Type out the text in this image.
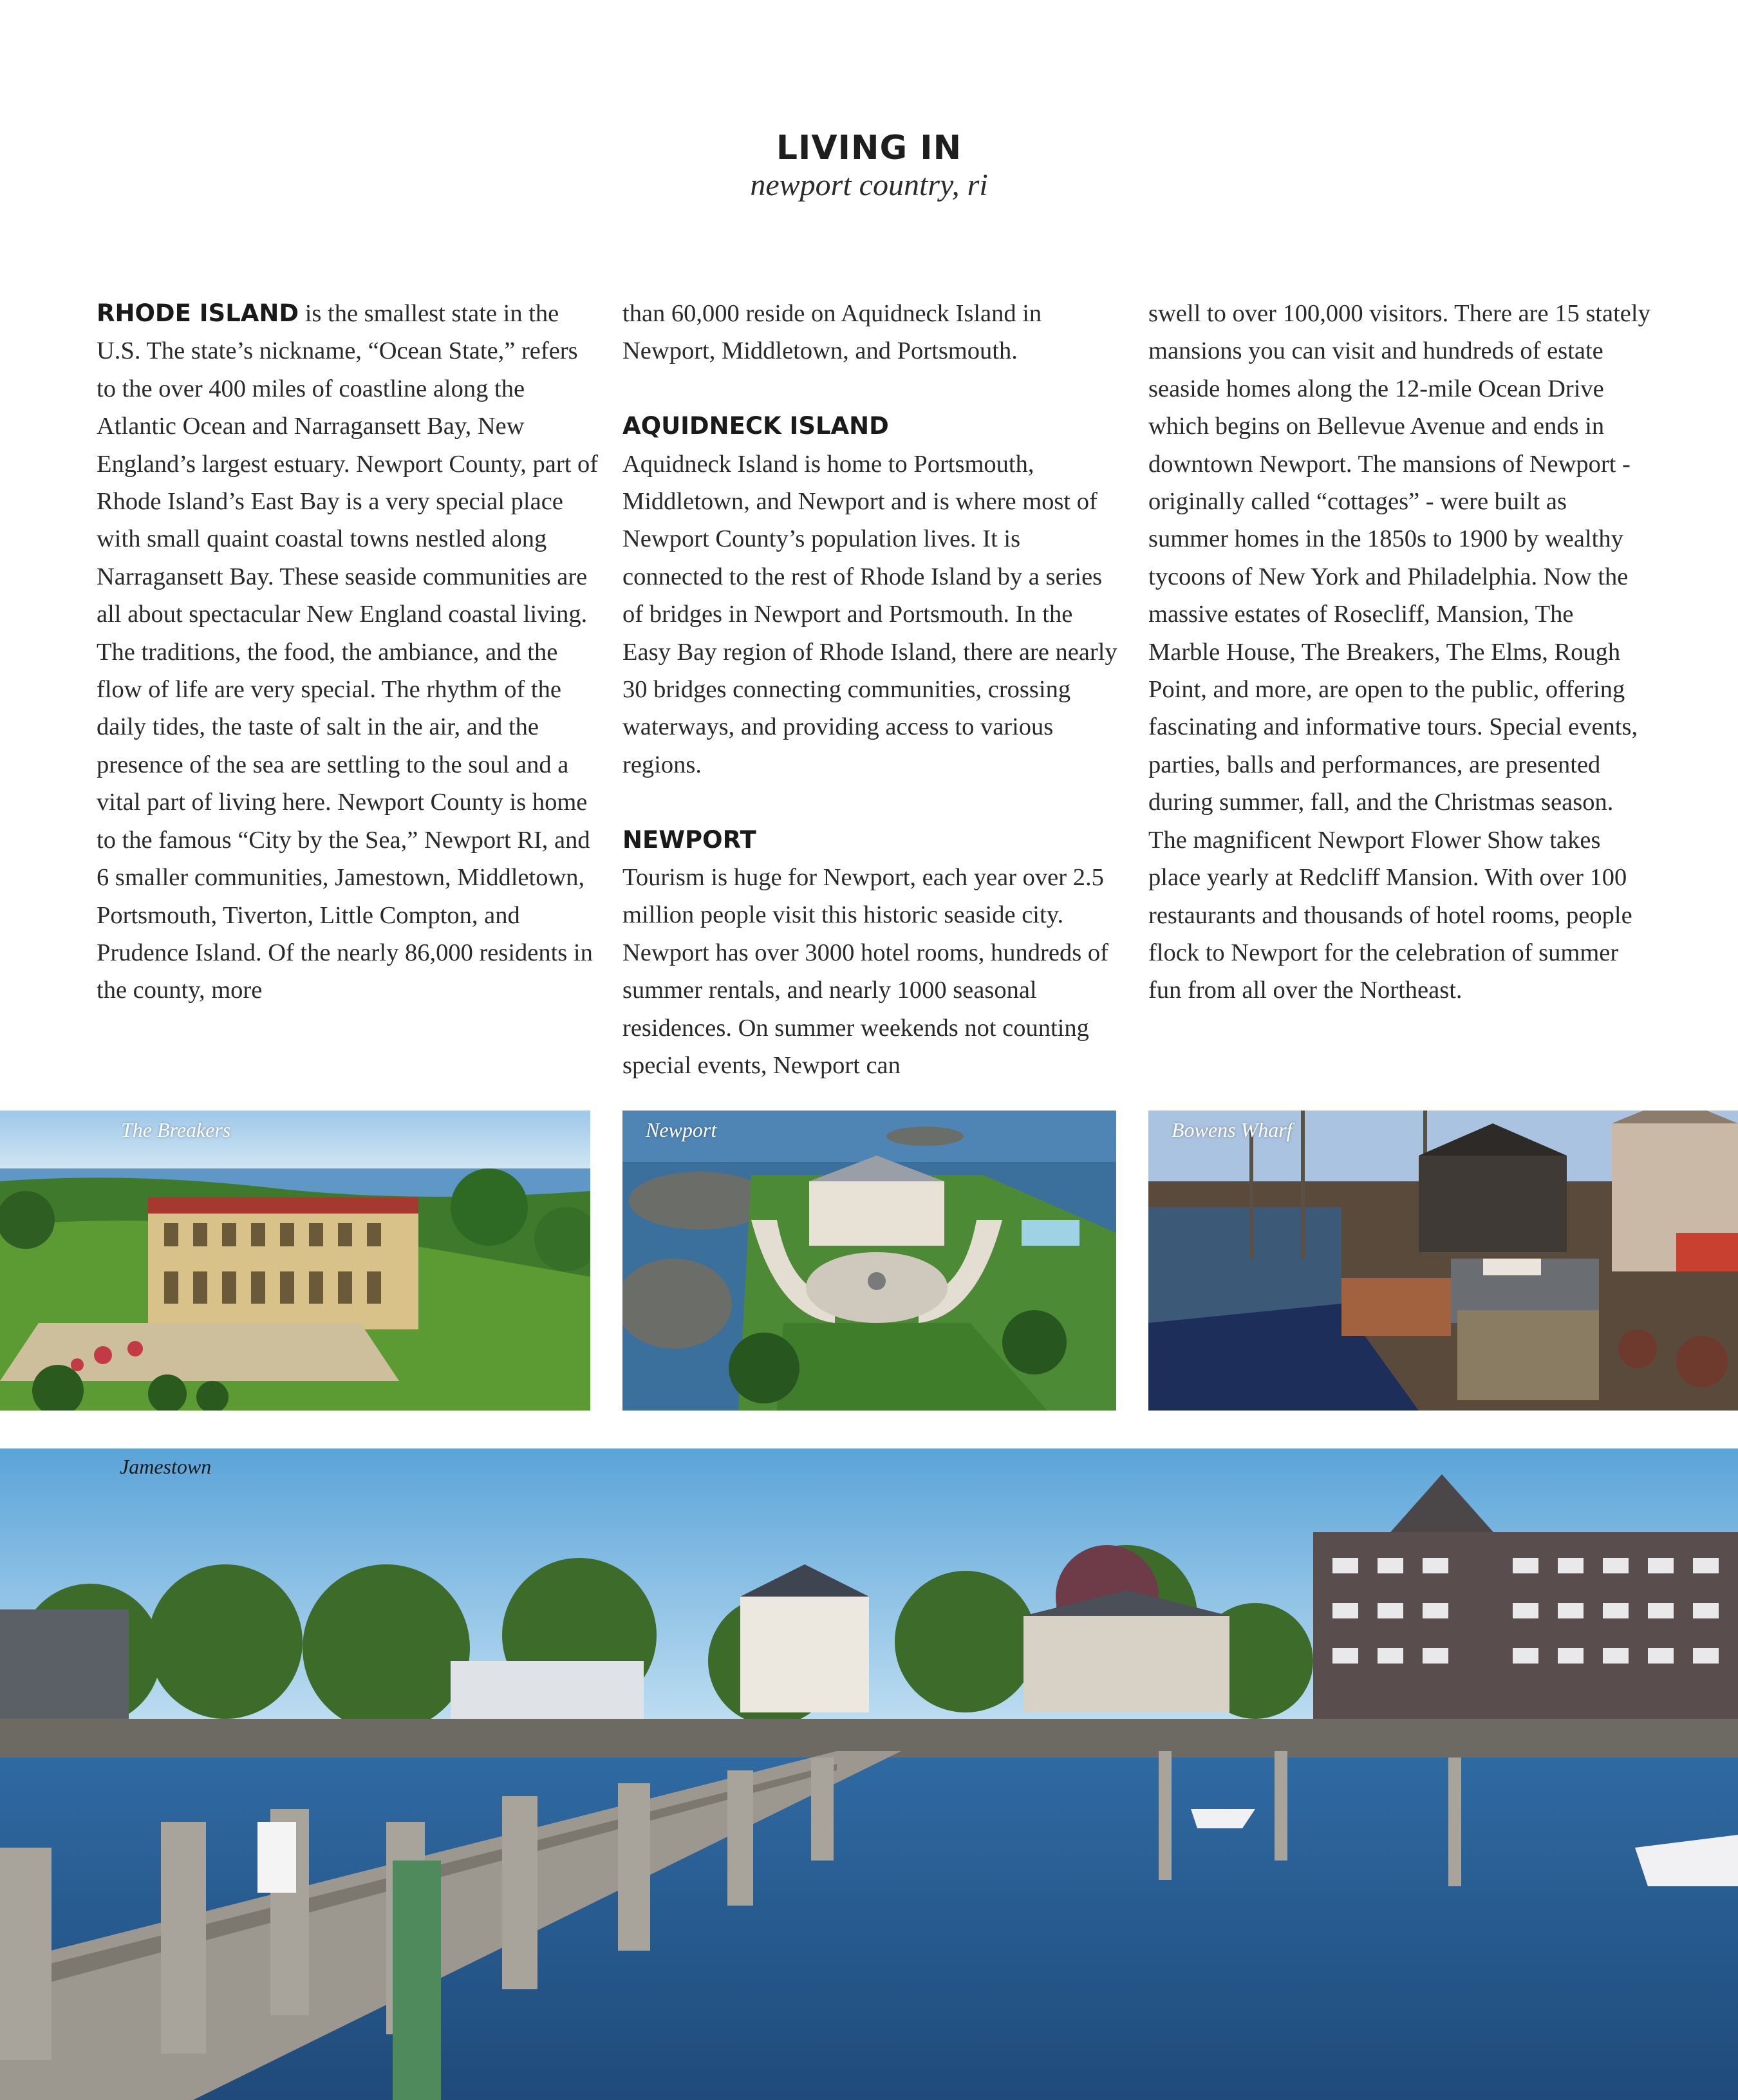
LIVING IN
newport country, ri

RHODE ISLAND is the smallest state in the U.S. The state’s nickname, “Ocean State,” refers to the over 400 miles of coastline along the Atlantic Ocean and Narragansett Bay, New England’s largest estuary. Newport County, part of Rhode Island’s East Bay is a very special place with small quaint coastal towns nestled along Narragansett Bay. These seaside communities are all about spectacular New England coastal living. The traditions, the food, the ambiance, and the flow of life are very special. The rhythm of the daily tides, the taste of salt in the air, and the presence of the sea are settling to the soul and a vital part of living here. Newport County is home to the famous “City by the Sea,” Newport RI, and 6 smaller communities, Jamestown, Middletown, Portsmouth, Tiverton, Little Compton, and Prudence Island. Of the nearly 86,000 residents in the county, more

than 60,000 reside on Aquidneck Island in Newport, Middletown, and Portsmouth.

AQUIDNECK ISLAND

Aquidneck Island is home to Portsmouth, Middletown, and Newport and is where most of Newport County’s population lives. It is connected to the rest of Rhode Island by a series of bridges in Newport and Portsmouth. In the Easy Bay region of Rhode Island, there are nearly 30 bridges connecting communities, crossing waterways, and providing access to various regions.

NEWPORT

Tourism is huge for Newport, each year over 2.5 million people visit this historic seaside city. Newport has over 3000 hotel rooms, hundreds of summer rentals, and nearly 1000 seasonal residences. On summer weekends not counting special events, Newport can

swell to over 100,000 visitors. There are 15 stately mansions you can visit and hundreds of estate seaside homes along the 12-mile Ocean Drive which begins on Bellevue Avenue and ends in downtown Newport. The mansions of Newport - originally called “cottages” - were built as summer homes in the 1850s to 1900 by wealthy tycoons of New York and Philadelphia. Now the massive estates of Rosecliff, Mansion, The Marble House, The Breakers, The Elms, Rough Point, and more, are open to the public, offering fascinating and informative tours. Special events, parties, balls and performances, are presented during summer, fall, and the Christmas season. The magnificent Newport Flower Show takes place yearly at Redcliff Mansion. With over 100 restaurants and thousands of hotel rooms, people flock to Newport for the celebration of summer fun from all over the Northeast.

The Breakers	Newport	Bowens Wharf
Jamestown
